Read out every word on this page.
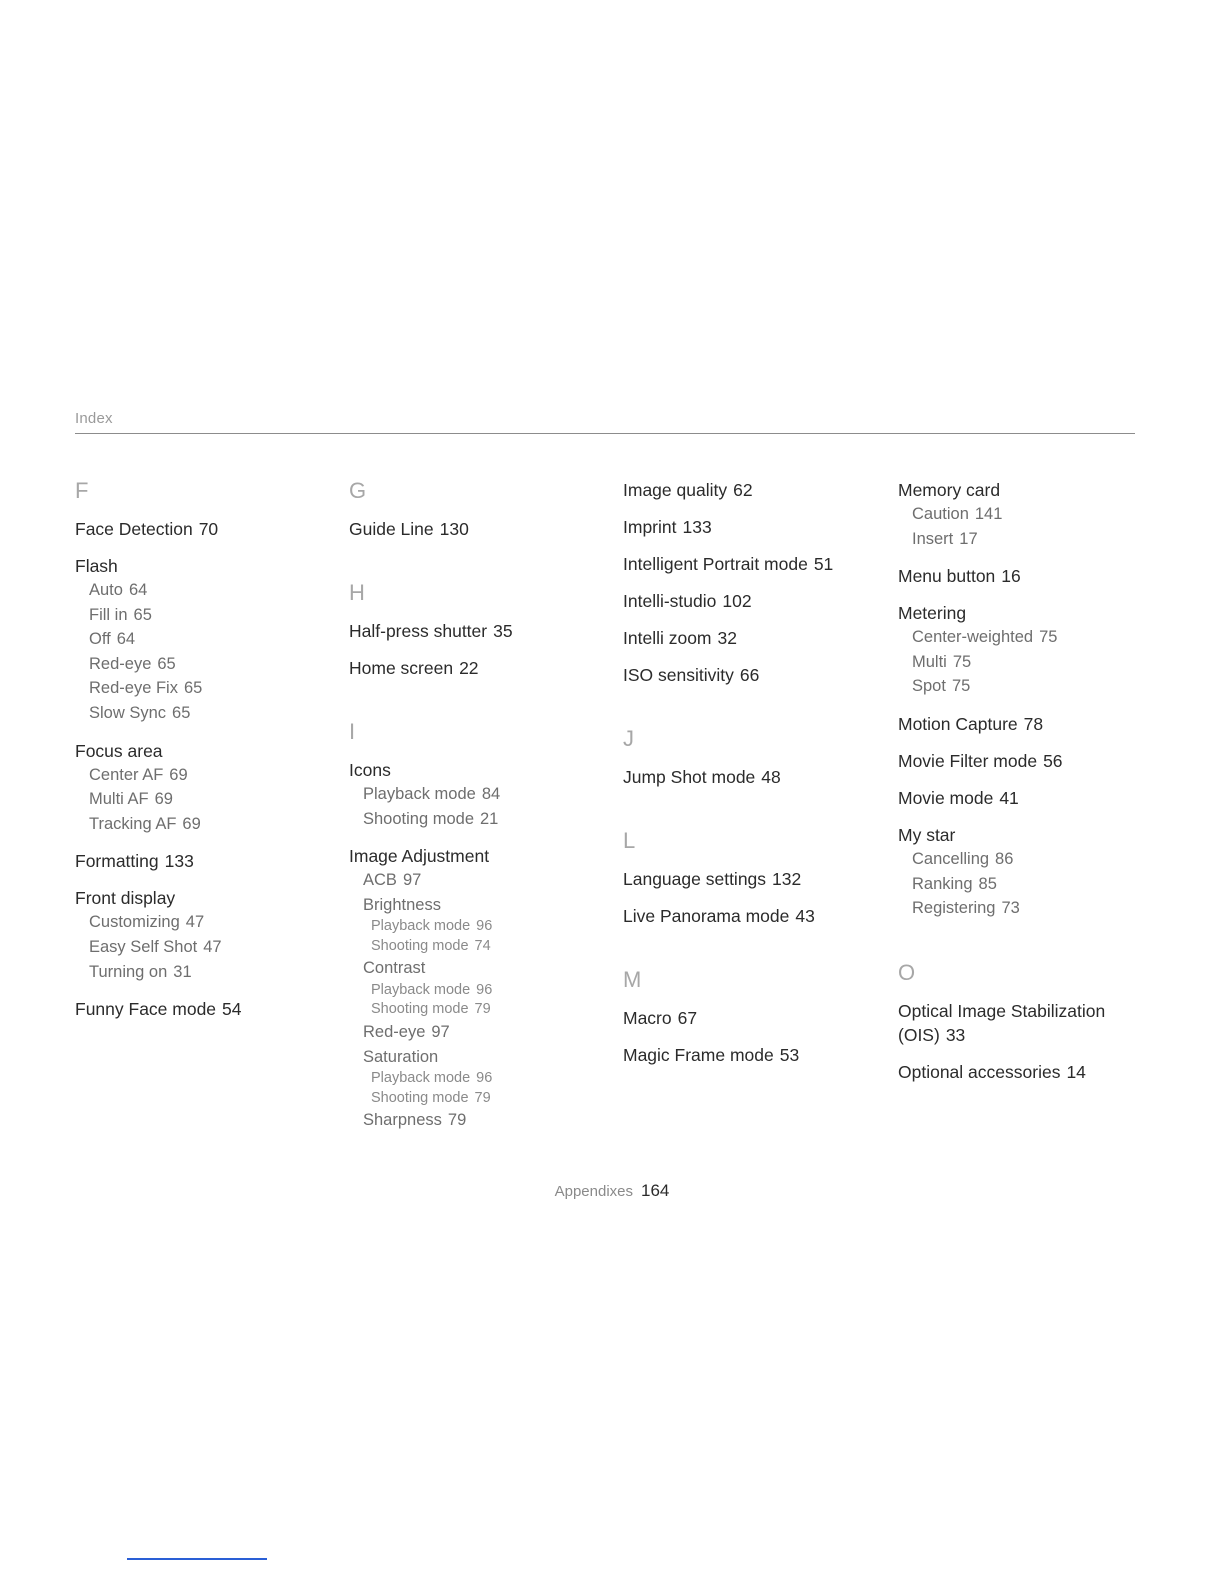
Index
F
Face Detection 70
Flash
Auto 64
Fill in 65
Off 64
Red-eye 65
Red-eye Fix 65
Slow Sync 65
Focus area
Center AF 69
Multi AF 69
Tracking AF 69
Formatting 133
Front display
Customizing 47
Easy Self Shot 47
Turning on 31
Funny Face mode 54
G
Guide Line 130
H
Half-press shutter 35
Home screen 22
I
Icons
Playback mode 84
Shooting mode 21
Image Adjustment
ACB 97
Brightness
Playback mode 96
Shooting mode 74
Contrast
Playback mode 96
Shooting mode 79
Red-eye 97
Saturation
Playback mode 96
Shooting mode 79
Sharpness 79
Image quality 62
Imprint 133
Intelligent Portrait mode 51
Intelli-studio 102
Intelli zoom 32
ISO sensitivity 66
J
Jump Shot mode 48
L
Language settings 132
Live Panorama mode 43
M
Macro 67
Magic Frame mode 53
Memory card
Caution 141
Insert 17
Menu button 16
Metering
Center-weighted 75
Multi 75
Spot 75
Motion Capture 78
Movie Filter mode 56
Movie mode 41
My star
Cancelling 86
Ranking 85
Registering 73
O
Optical Image Stabilization
(OIS) 33
Optional accessories 14
Appendixes 164
